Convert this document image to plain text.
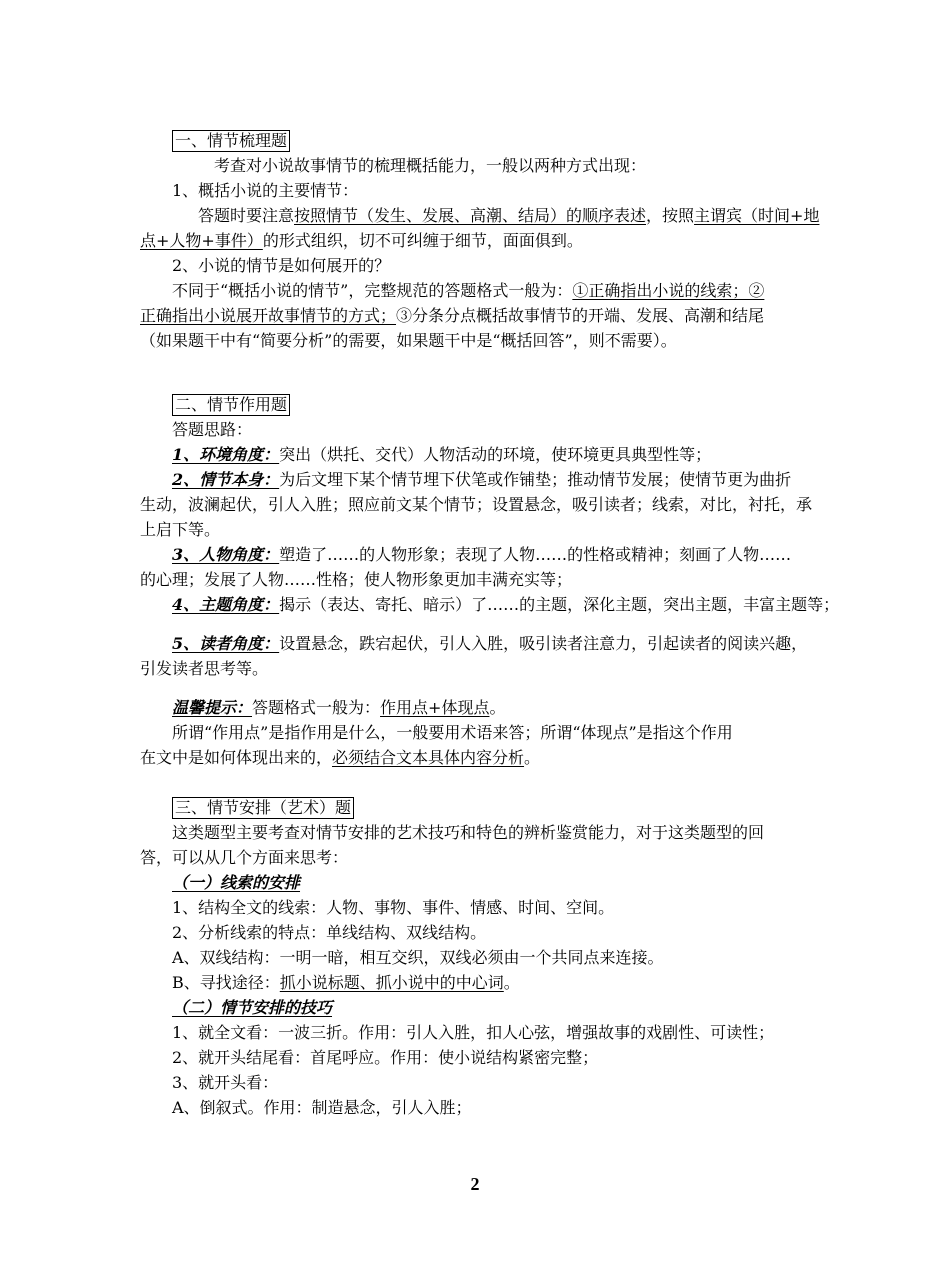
一、情节梳理题
考查对小说故事情节的梳理概括能力，一般以两种方式出现：
1、概括小说的主要情节：
答题时要注意按照情节（发生、发展、高潮、结局）的顺序表述，按照主谓宾（时间+地
点+人物+事件）的形式组织，切不可纠缠于细节，面面俱到。
2、小说的情节是如何展开的？
不同于“概括小说的情节”，完整规范的答题格式一般为：①正确指出小说的线索；②
正确指出小说展开故事情节的方式；③分条分点概括故事情节的开端、发展、高潮和结尾
（如果题干中有“简要分析”的需要，如果题干中是“概括回答”，则不需要）。
二、情节作用题
答题思路：
1、环境角度：突出（烘托、交代）人物活动的环境，使环境更具典型性等；
2、情节本身：为后文埋下某个情节埋下伏笔或作铺垫；推动情节发展；使情节更为曲折
生动，波澜起伏，引人入胜；照应前文某个情节；设置悬念，吸引读者；线索，对比，衬托，承
上启下等。
3、人物角度：塑造了……的人物形象；表现了人物……的性格或精神；刻画了人物……
的心理；发展了人物……性格；使人物形象更加丰满充实等；
4、主题角度：揭示（表达、寄托、暗示）了……的主题，深化主题，突出主题，丰富主题等；
5、读者角度：设置悬念，跌宕起伏，引人入胜，吸引读者注意力，引起读者的阅读兴趣，
引发读者思考等。
温馨提示：答题格式一般为：作用点+体现点。
所谓“作用点”是指作用是什么，一般要用术语来答；所谓“体现点”是指这个作用
在文中是如何体现出来的，必须结合文本具体内容分析。
三、情节安排（艺术）题
这类题型主要考查对情节安排的艺术技巧和特色的辨析鉴赏能力，对于这类题型的回
答，可以从几个方面来思考：
（一）线索的安排
1、结构全文的线索：人物、事物、事件、情感、时间、空间。
2、分析线索的特点：单线结构、双线结构。
A、双线结构：一明一暗，相互交织，双线必须由一个共同点来连接。
B、寻找途径：抓小说标题、抓小说中的中心词。
（二）情节安排的技巧
1、就全文看：一波三折。作用：引人入胜，扣人心弦，增强故事的戏剧性、可读性；
2、就开头结尾看：首尾呼应。作用：使小说结构紧密完整；
3、就开头看：
A、倒叙式。作用：制造悬念，引人入胜；
2
